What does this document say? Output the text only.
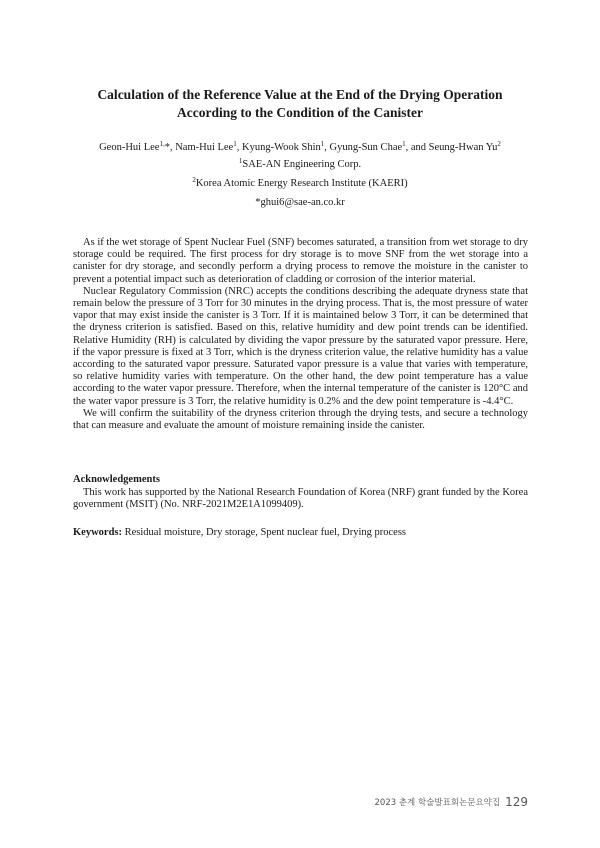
Calculation of the Reference Value at the End of the Drying Operation
According to the Condition of the Canister
Geon-Hui Lee$^{1,}$*, Nam-Hui Lee$^1$, Kyung-Wook Shin$^1$, Gyung-Sun Chae$^1$, and Seung-Hwan Yu$^2$
$^1$SAE-AN Engineering Corp.
$^2$Korea Atomic Energy Research Institute (KAERI)
*ghui6@sae-an.co.kr

As if the wet storage of Spent Nuclear Fuel (SNF) becomes saturated, a transition from wet storage to dry storage could be required. The first process for dry storage is to move SNF from the wet storage into a canister for dry storage, and secondly perform a drying process to remove the moisture in the canister to prevent a potential impact such as deterioration of cladding or corrosion of the interior material.

Nuclear Regulatory Commission (NRC) accepts the conditions describing the adequate dryness state that remain below the pressure of 3 Torr for 30 minutes in the drying process. That is, the most pressure of water vapor that may exist inside the canister is 3 Torr. If it is maintained below 3 Torr, it can be determined that the dryness criterion is satisfied. Based on this, relative humidity and dew point trends can be identified. Relative Humidity (RH) is calculated by dividing the vapor pressure by the saturated vapor pressure. Here, if the vapor pressure is fixed at 3 Torr, which is the dryness criterion value, the relative humidity has a value according to the saturated vapor pressure. Saturated vapor pressure is a value that varies with temperature, so relative humidity varies with temperature. On the other hand, the dew point temperature has a value according to the water vapor pressure. Therefore, when the internal temperature of the canister is 120°C and the water vapor pressure is 3 Torr, the relative humidity is 0.2% and the dew point temperature is -4.4°C.

We will confirm the suitability of the dryness criterion through the drying tests, and secure a technology that can measure and evaluate the amount of moisture remaining inside the canister.

Acknowledgements

This work has supported by the National Research Foundation of Korea (NRF) grant funded by the Korea government (MSIT) (No. NRF-2021M2E1A1099409).

Keywords: Residual moisture, Dry storage, Spent nuclear fuel, Drying process
2023 춘계 학술발표회논문요약집 129
